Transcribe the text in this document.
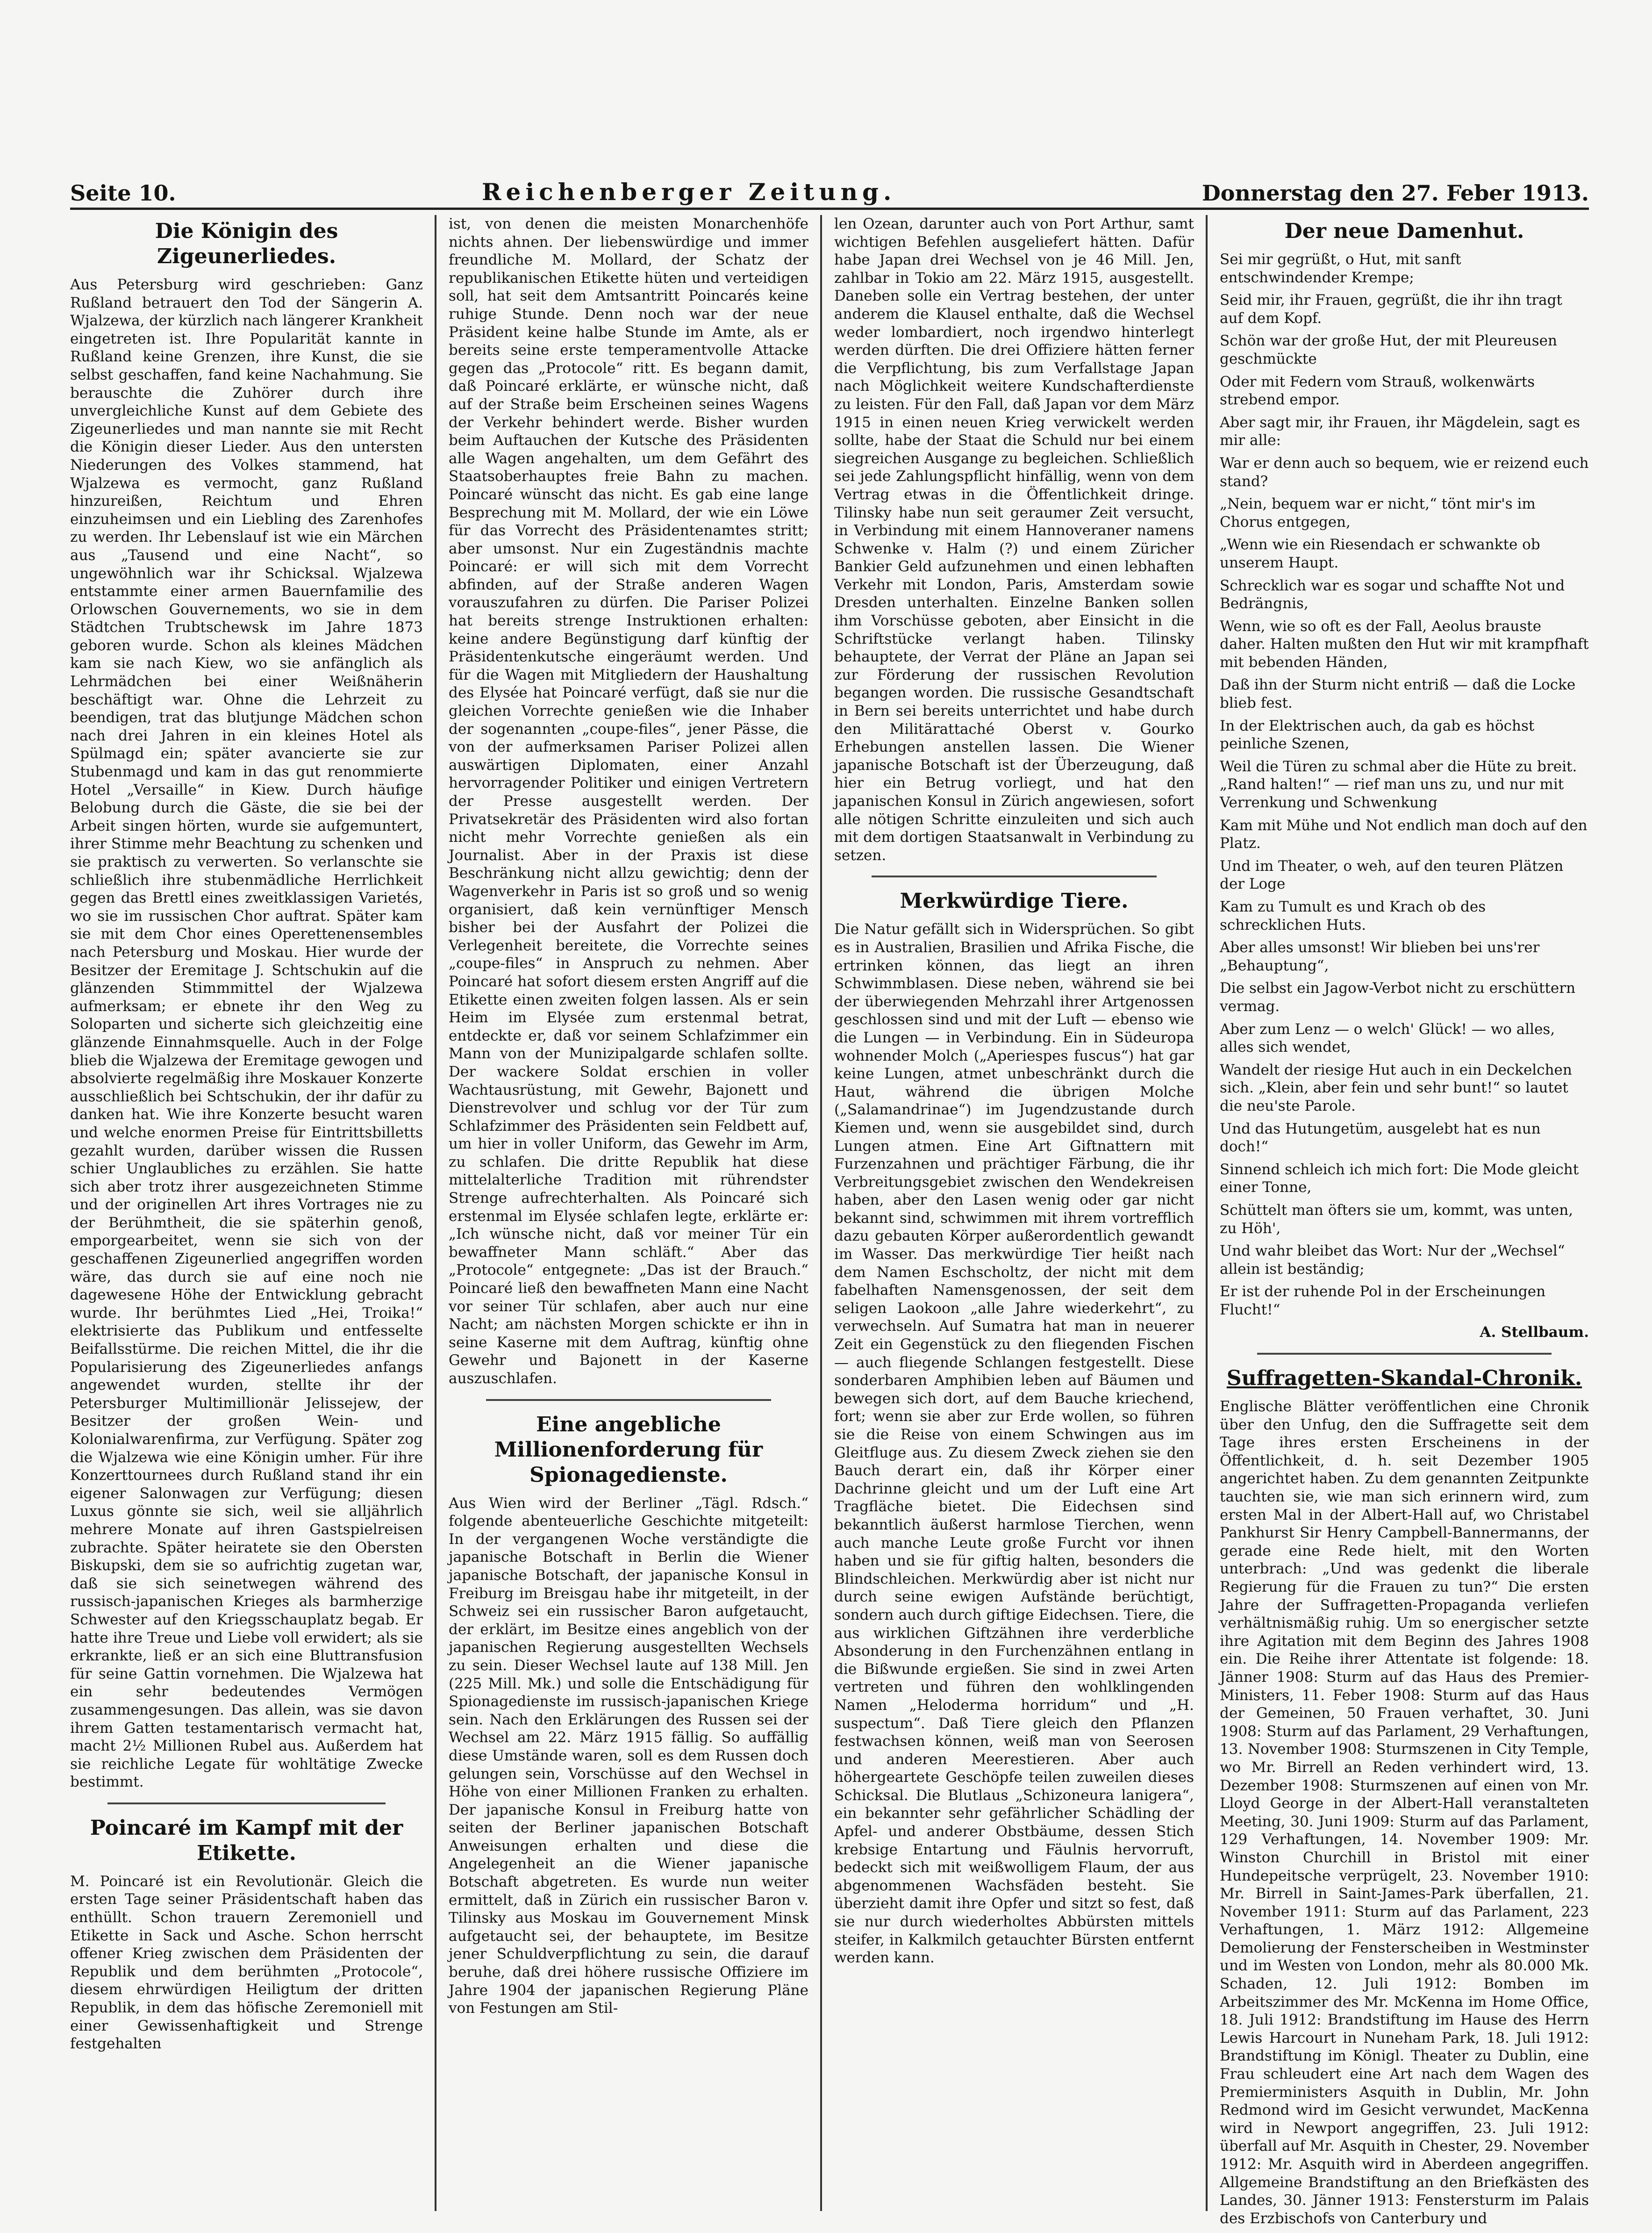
Seite 10.	Reichenberger Zeitung.	Donnerstag den 27. Feber 1913.
Die Königin des Zigeunerliedes.

Aus Petersburg wird geschrieben: Ganz Rußland betrauert den Tod der Sängerin A. Wjalzewa, der kürzlich nach längerer Krankheit eingetreten ist. Ihre Popularität kannte in Rußland keine Grenzen, ihre Kunst, die sie selbst geschaffen, fand keine Nachahmung. Sie berauschte die Zuhörer durch ihre unvergleichliche Kunst auf dem Gebiete des Zigeunerliedes und man nannte sie mit Recht die Königin dieser Lieder. Aus den untersten Niederungen des Volkes stammend, hat Wjalzewa es vermocht, ganz Rußland hinzureißen, Reichtum und Ehren einzuheimsen und ein Liebling des Zarenhofes zu werden. Ihr Lebenslauf ist wie ein Märchen aus „Tausend und eine Nacht“, so ungewöhnlich war ihr Schicksal. Wjalzewa entstammte einer armen Bauernfamilie des Orlowschen Gouvernements, wo sie in dem Städtchen Trubtschewsk im Jahre 1873 geboren wurde. Schon als kleines Mädchen kam sie nach Kiew, wo sie anfänglich als Lehrmädchen bei einer Weißnäherin beschäftigt war. Ohne die Lehrzeit zu beendigen, trat das blutjunge Mädchen schon nach drei Jahren in ein kleines Hotel als Spülmagd ein; später avancierte sie zur Stubenmagd und kam in das gut renommierte Hotel „Versaille“ in Kiew. Durch häufige Belobung durch die Gäste, die sie bei der Arbeit singen hörten, wurde sie aufgemuntert, ihrer Stimme mehr Beachtung zu schenken und sie praktisch zu verwerten. So verlanschte sie schließlich ihre stubenmädliche Herrlichkeit gegen das Brettl eines zweitklassigen Varietés, wo sie im russischen Chor auftrat. Später kam sie mit dem Chor eines Operettenensembles nach Petersburg und Moskau. Hier wurde der Besitzer der Eremitage J. Schtschukin auf die glänzenden Stimmmittel der Wjalzewa aufmerksam; er ebnete ihr den Weg zu Soloparten und sicherte sich gleichzeitig eine glänzende Einnahmsquelle. Auch in der Folge blieb die Wjalzewa der Eremitage gewogen und absolvierte regelmäßig ihre Moskauer Konzerte ausschließlich bei Schtschukin, der ihr dafür zu danken hat. Wie ihre Konzerte besucht waren und welche enormen Preise für Eintrittsbilletts gezahlt wurden, darüber wissen die Russen schier Unglaubliches zu erzählen. Sie hatte sich aber trotz ihrer ausgezeichneten Stimme und der originellen Art ihres Vortrages nie zu der Berühmtheit, die sie späterhin genoß, emporgearbeitet, wenn sie sich von der geschaffenen Zigeunerlied angegriffen worden wäre, das durch sie auf eine noch nie dagewesene Höhe der Entwicklung gebracht wurde. Ihr berühmtes Lied „Hei, Troika!“ elektrisierte das Publikum und entfesselte Beifallsstürme. Die reichen Mittel, die ihr die Popularisierung des Zigeunerliedes anfangs angewendet wurden, stellte ihr der Petersburger Multimillionär Jelissejew, der Besitzer der großen Wein- und Kolonialwarenfirma, zur Verfügung. Später zog die Wjalzewa wie eine Königin umher. Für ihre Konzerttournees durch Rußland stand ihr ein eigener Salonwagen zur Verfügung; diesen Luxus gönnte sie sich, weil sie alljährlich mehrere Monate auf ihren Gastspielreisen zubrachte. Später heiratete sie den Obersten Biskupski, dem sie so aufrichtig zugetan war, daß sie sich seinetwegen während des russisch-japanischen Krieges als barmherzige Schwester auf den Kriegsschauplatz begab. Er hatte ihre Treue und Liebe voll erwidert; als sie erkrankte, ließ er an sich eine Bluttransfusion für seine Gattin vornehmen. Die Wjalzewa hat ein sehr bedeutendes Vermögen zusammengesungen. Das allein, was sie davon ihrem Gatten testamentarisch vermacht hat, macht 2½ Millionen Rubel aus. Außerdem hat sie reichliche Legate für wohltätige Zwecke bestimmt.

Poincaré im Kampf mit der Etikette.

M. Poincaré ist ein Revolutionär. Gleich die ersten Tage seiner Präsidentschaft haben das enthüllt. Schon trauern Zeremoniell und Etikette in Sack und Asche. Schon herrscht offener Krieg zwischen dem Präsidenten der Republik und dem berühmten „Protocole“, diesem ehrwürdigen Heiligtum der dritten Republik, in dem das höfische Zeremoniell mit einer Gewissenhaftigkeit und Strenge festgehalten

ist, von denen die meisten Monarchenhöfe nichts ahnen. Der liebenswürdige und immer freundliche M. Mollard, der Schatz der republikanischen Etikette hüten und verteidigen soll, hat seit dem Amtsantritt Poincarés keine ruhige Stunde. Denn noch war der neue Präsident keine halbe Stunde im Amte, als er bereits seine erste temperamentvolle Attacke gegen das „Protocole“ ritt. Es begann damit, daß Poincaré erklärte, er wünsche nicht, daß auf der Straße beim Erscheinen seines Wagens der Verkehr behindert werde. Bisher wurden beim Auftauchen der Kutsche des Präsidenten alle Wagen angehalten, um dem Gefährt des Staatsoberhauptes freie Bahn zu machen. Poincaré wünscht das nicht. Es gab eine lange Besprechung mit M. Mollard, der wie ein Löwe für das Vorrecht des Präsidentenamtes stritt; aber umsonst. Nur ein Zugeständnis machte Poincaré: er will sich mit dem Vorrecht abfinden, auf der Straße anderen Wagen vorauszufahren zu dürfen. Die Pariser Polizei hat bereits strenge Instruktionen erhalten: keine andere Begünstigung darf künftig der Präsidentenkutsche eingeräumt werden. Und für die Wagen mit Mitgliedern der Haushaltung des Elysée hat Poincaré verfügt, daß sie nur die gleichen Vorrechte genießen wie die Inhaber der sogenannten „coupe-files“, jener Pässe, die von der aufmerksamen Pariser Polizei allen auswärtigen Diplomaten, einer Anzahl hervorragender Politiker und einigen Vertretern der Presse ausgestellt werden. Der Privatsekretär des Präsidenten wird also fortan nicht mehr Vorrechte genießen als ein Journalist. Aber in der Praxis ist diese Beschränkung nicht allzu gewichtig; denn der Wagenverkehr in Paris ist so groß und so wenig organisiert, daß kein vernünftiger Mensch bisher bei der Ausfahrt der Polizei die Verlegenheit bereitete, die Vorrechte seines „coupe-files“ in Anspruch zu nehmen. Aber Poincaré hat sofort diesem ersten Angriff auf die Etikette einen zweiten folgen lassen. Als er sein Heim im Elysée zum erstenmal betrat, entdeckte er, daß vor seinem Schlafzimmer ein Mann von der Munizipalgarde schlafen sollte. Der wackere Soldat erschien in voller Wachtausrüstung, mit Gewehr, Bajonett und Dienstrevolver und schlug vor der Tür zum Schlafzimmer des Präsidenten sein Feldbett auf, um hier in voller Uniform, das Gewehr im Arm, zu schlafen. Die dritte Republik hat diese mittelalterliche Tradition mit rührendster Strenge aufrechterhalten. Als Poincaré sich erstenmal im Elysée schlafen legte, erklärte er: „Ich wünsche nicht, daß vor meiner Tür ein bewaffneter Mann schläft.“ Aber das „Protocole“ entgegnete: „Das ist der Brauch.“ Poincaré ließ den bewaffneten Mann eine Nacht vor seiner Tür schlafen, aber auch nur eine Nacht; am nächsten Morgen schickte er ihn in seine Kaserne mit dem Auftrag, künftig ohne Gewehr und Bajonett in der Kaserne auszuschlafen.

Eine angebliche Millionenforderung für Spionagedienste.

Aus Wien wird der Berliner „Tägl. Rdsch.“ folgende abenteuerliche Geschichte mitgeteilt: In der vergangenen Woche verständigte die japanische Botschaft in Berlin die Wiener japanische Botschaft, der japanische Konsul in Freiburg im Breisgau habe ihr mitgeteilt, in der Schweiz sei ein russischer Baron aufgetaucht, der erklärt, im Besitze eines angeblich von der japanischen Regierung ausgestellten Wechsels zu sein. Dieser Wechsel laute auf 138 Mill. Jen (225 Mill. Mk.) und solle die Entschädigung für Spionagedienste im russisch-japanischen Kriege sein. Nach den Erklärungen des Russen sei der Wechsel am 22. März 1915 fällig. So auffällig diese Umstände waren, soll es dem Russen doch gelungen sein, Vorschüsse auf den Wechsel in Höhe von einer Millionen Franken zu erhalten. Der japanische Konsul in Freiburg hatte von seiten der Berliner japanischen Botschaft Anweisungen erhalten und diese die Angelegenheit an die Wiener japanische Botschaft abgetreten. Es wurde nun weiter ermittelt, daß in Zürich ein russischer Baron v. Tilinsky aus Moskau im Gouvernement Minsk aufgetaucht sei, der behauptete, im Besitze jener Schuldverpflichtung zu sein, die darauf beruhe, daß drei höhere russische Offiziere im Jahre 1904 der japanischen Regierung Pläne von Festungen am Stil-

len Ozean, darunter auch von Port Arthur, samt wichtigen Befehlen ausgeliefert hätten. Dafür habe Japan drei Wechsel von je 46 Mill. Jen, zahlbar in Tokio am 22. März 1915, ausgestellt. Daneben solle ein Vertrag bestehen, der unter anderem die Klausel enthalte, daß die Wechsel weder lombardiert, noch irgendwo hinterlegt werden dürften. Die drei Offiziere hätten ferner die Verpflichtung, bis zum Verfallstage Japan nach Möglichkeit weitere Kundschafterdienste zu leisten. Für den Fall, daß Japan vor dem März 1915 in einen neuen Krieg verwickelt werden sollte, habe der Staat die Schuld nur bei einem siegreichen Ausgange zu begleichen. Schließlich sei jede Zahlungspflicht hinfällig, wenn von dem Vertrag etwas in die Öffentlichkeit dringe. Tilinsky habe nun seit geraumer Zeit versucht, in Verbindung mit einem Hannoveraner namens Schwenke v. Halm (?) und einem Züricher Bankier Geld aufzunehmen und einen lebhaften Verkehr mit London, Paris, Amsterdam sowie Dresden unterhalten. Einzelne Banken sollen ihm Vorschüsse geboten, aber Einsicht in die Schriftstücke verlangt haben. Tilinsky behauptete, der Verrat der Pläne an Japan sei zur Förderung der russischen Revolution begangen worden. Die russische Gesandtschaft in Bern sei bereits unterrichtet und habe durch den Militärattaché Oberst v. Gourko Erhebungen anstellen lassen. Die Wiener japanische Botschaft ist der Überzeugung, daß hier ein Betrug vorliegt, und hat den japanischen Konsul in Zürich angewiesen, sofort alle nötigen Schritte einzuleiten und sich auch mit dem dortigen Staatsanwalt in Verbindung zu setzen.

Merkwürdige Tiere.

Die Natur gefällt sich in Widersprüchen. So gibt es in Australien, Brasilien und Afrika Fische, die ertrinken können, das liegt an ihren Schwimmblasen. Diese neben, während sie bei der überwiegenden Mehrzahl ihrer Artgenossen geschlossen sind und mit der Luft — ebenso wie die Lungen — in Verbindung. Ein in Südeuropa wohnender Molch („Aperiespes fuscus“) hat gar keine Lungen, atmet unbeschränkt durch die Haut, während die übrigen Molche („Salamandrinae“) im Jugendzustande durch Kiemen und, wenn sie ausgebildet sind, durch Lungen atmen. Eine Art Giftnattern mit Furzenzahnen und prächtiger Färbung, die ihr Verbreitungsgebiet zwischen den Wendekreisen haben, aber den Lasen wenig oder gar nicht bekannt sind, schwimmen mit ihrem vortrefflich dazu gebauten Körper außerordentlich gewandt im Wasser. Das merkwürdige Tier heißt nach dem Namen Eschscholtz, der nicht mit dem fabelhaften Namensgenossen, der seit dem seligen Laokoon „alle Jahre wiederkehrt“, zu verwechseln. Auf Sumatra hat man in neuerer Zeit ein Gegenstück zu den fliegenden Fischen — auch fliegende Schlangen festgestellt. Diese sonderbaren Amphibien leben auf Bäumen und bewegen sich dort, auf dem Bauche kriechend, fort; wenn sie aber zur Erde wollen, so führen sie die Reise von einem Schwingen aus im Gleitfluge aus. Zu diesem Zweck ziehen sie den Bauch derart ein, daß ihr Körper einer Dachrinne gleicht und um der Luft eine Art Tragfläche bietet. Die Eidechsen sind bekanntlich äußerst harmlose Tierchen, wenn auch manche Leute große Furcht vor ihnen haben und sie für giftig halten, besonders die Blindschleichen. Merkwürdig aber ist nicht nur durch seine ewigen Aufstände berüchtigt, sondern auch durch giftige Eidechsen. Tiere, die aus wirklichen Giftzähnen ihre verderbliche Absonderung in den Furchenzähnen entlang in die Bißwunde ergießen. Sie sind in zwei Arten vertreten und führen den wohlklingenden Namen „Heloderma horridum“ und „H. suspectum“. Daß Tiere gleich den Pflanzen festwachsen können, weiß man von Seerosen und anderen Meerestieren. Aber auch höhergeartete Geschöpfe teilen zuweilen dieses Schicksal. Die Blutlaus „Schizoneura lanigera“, ein bekannter sehr gefährlicher Schädling der Apfel- und anderer Obstbäume, dessen Stich krebsige Entartung und Fäulnis hervorruft, bedeckt sich mit weißwolligem Flaum, der aus abgenommenen Wachsfäden besteht. Sie überzieht damit ihre Opfer und sitzt so fest, daß sie nur durch wiederholtes Abbürsten mittels steifer, in Kalkmilch getauchter Bürsten entfernt werden kann.

Der neue Damenhut.

Sei mir gegrüßt, o Hut, mit sanft entschwindender Krempe;

Seid mir, ihr Frauen, gegrüßt, die ihr ihn tragt auf dem Kopf.

Schön war der große Hut, der mit Pleureusen geschmückte

Oder mit Federn vom Strauß, wolkenwärts strebend empor.

Aber sagt mir, ihr Frauen, ihr Mägdelein, sagt es mir alle:

War er denn auch so bequem, wie er reizend euch stand?

„Nein, bequem war er nicht,“ tönt mir's im Chorus entgegen,

„Wenn wie ein Riesendach er schwankte ob unserem Haupt.

Schrecklich war es sogar und schaffte Not und Bedrängnis,

Wenn, wie so oft es der Fall, Aeolus brauste daher. Halten mußten den Hut wir mit krampfhaft mit bebenden Händen,

Daß ihn der Sturm nicht entriß — daß die Locke blieb fest.

In der Elektrischen auch, da gab es höchst peinliche Szenen,

Weil die Türen zu schmal aber die Hüte zu breit. „Rand halten!“ — rief man uns zu, und nur mit Verrenkung und Schwenkung

Kam mit Mühe und Not endlich man doch auf den Platz.

Und im Theater, o weh, auf den teuren Plätzen der Loge

Kam zu Tumult es und Krach ob des schrecklichen Huts.

Aber alles umsonst! Wir blieben bei uns'rer „Behauptung“,

Die selbst ein Jagow-Verbot nicht zu erschüttern vermag.

Aber zum Lenz — o welch' Glück! — wo alles, alles sich wendet,

Wandelt der riesige Hut auch in ein Deckelchen sich. „Klein, aber fein und sehr bunt!“ so lautet die neu'ste Parole.

Und das Hutungetüm, ausgelebt hat es nun doch!“

Sinnend schleich ich mich fort: Die Mode gleicht einer Tonne,

Schüttelt man öfters sie um, kommt, was unten, zu Höh',

Und wahr bleibet das Wort: Nur der „Wechsel“ allein ist beständig;

Er ist der ruhende Pol in der Erscheinungen Flucht!“

A. Stellbaum.

Suffragetten-Skandal-Chronik.

Englische Blätter veröffentlichen eine Chronik über den Unfug, den die Suffragette seit dem Tage ihres ersten Erscheinens in der Öffentlichkeit, d. h. seit Dezember 1905 angerichtet haben. Zu dem genannten Zeitpunkte tauchten sie, wie man sich erinnern wird, zum ersten Mal in der Albert-Hall auf, wo Christabel Pankhurst Sir Henry Campbell-Bannermanns, der gerade eine Rede hielt, mit den Worten unterbrach: „Und was gedenkt die liberale Regierung für die Frauen zu tun?“ Die ersten Jahre der Suffragetten-Propaganda verliefen verhältnismäßig ruhig. Um so energischer setzte ihre Agitation mit dem Beginn des Jahres 1908 ein. Die Reihe ihrer Attentate ist folgende: 18. Jänner 1908: Sturm auf das Haus des Premier-Ministers, 11. Feber 1908: Sturm auf das Haus der Gemeinen, 50 Frauen verhaftet, 30. Juni 1908: Sturm auf das Parlament, 29 Verhaftungen, 13. November 1908: Sturmszenen in City Temple, wo Mr. Birrell an Reden verhindert wird, 13. Dezember 1908: Sturmszenen auf einen von Mr. Lloyd George in der Albert-Hall veranstalteten Meeting, 30. Juni 1909: Sturm auf das Parlament, 129 Verhaftungen, 14. November 1909: Mr. Winston Churchill in Bristol mit einer Hundepeitsche verprügelt, 23. November 1910: Mr. Birrell in Saint-James-Park überfallen, 21. November 1911: Sturm auf das Parlament, 223 Verhaftungen, 1. März 1912: Allgemeine Demolierung der Fensterscheiben in Westminster und im Westen von London, mehr als 80.000 Mk. Schaden, 12. Juli 1912: Bomben im Arbeitszimmer des Mr. McKenna im Home Office, 18. Juli 1912: Brandstiftung im Hause des Herrn Lewis Harcourt in Nuneham Park, 18. Juli 1912: Brandstiftung im Königl. Theater zu Dublin, eine Frau schleudert eine Art nach dem Wagen des Premierministers Asquith in Dublin, Mr. John Redmond wird im Gesicht verwundet, MacKenna wird in Newport angegriffen, 23. Juli 1912: überfall auf Mr. Asquith in Chester, 29. November 1912: Mr. Asquith wird in Aberdeen angegriffen. Allgemeine Brandstiftung an den Briefkästen des Landes, 30. Jänner 1913: Fenstersturm im Palais des Erzbischofs von Canterbury und
